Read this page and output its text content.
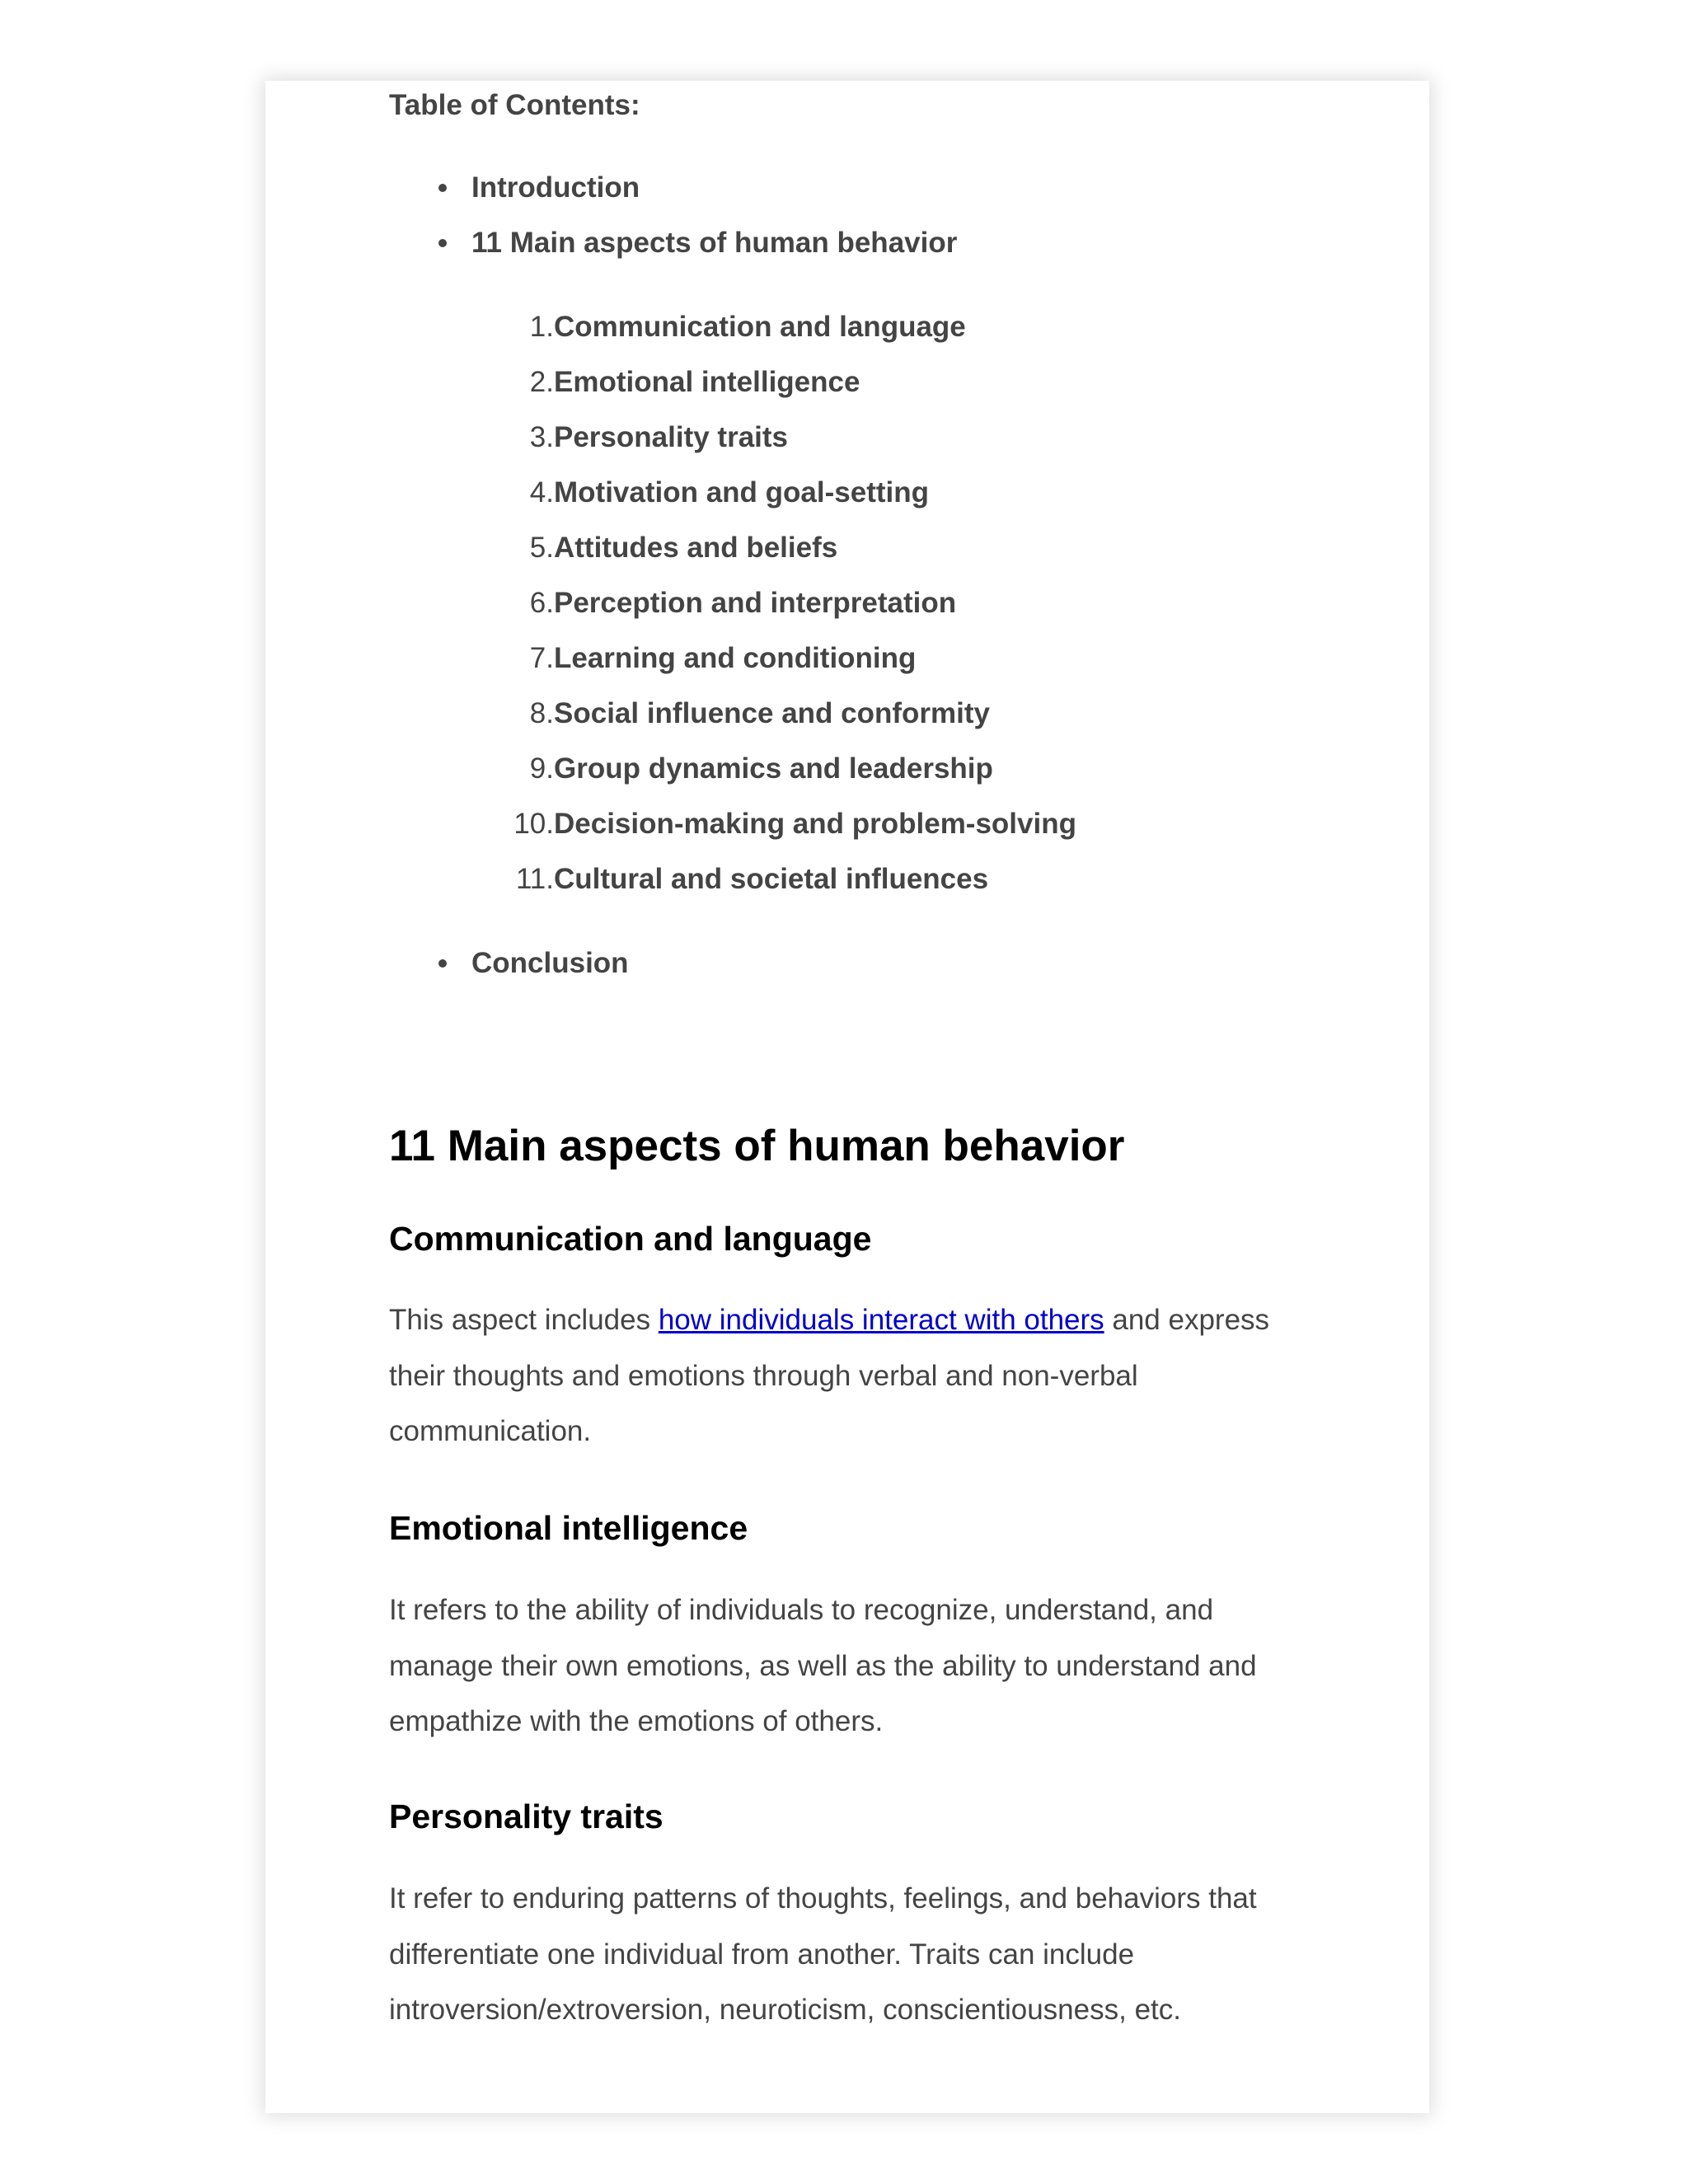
Table of Contents:
Introduction
11 Main aspects of human behavior
1. Communication and language
2. Emotional intelligence
3. Personality traits
4. Motivation and goal-setting
5. Attitudes and beliefs
6. Perception and interpretation
7. Learning and conditioning
8. Social influence and conformity
9. Group dynamics and leadership
10. Decision-making and problem-solving
11. Cultural and societal influences
Conclusion
11 Main aspects of human behavior
Communication and language

This aspect includes how individuals interact with others and express their thoughts and emotions through verbal and non-verbal communication.

Emotional intelligence

It refers to the ability of individuals to recognize, understand, and manage their own emotions, as well as the ability to understand and empathize with the emotions of others.

Personality traits

It refer to enduring patterns of thoughts, feelings, and behaviors that differentiate one individual from another. Traits can include introversion/extroversion, neuroticism, conscientiousness, etc.
